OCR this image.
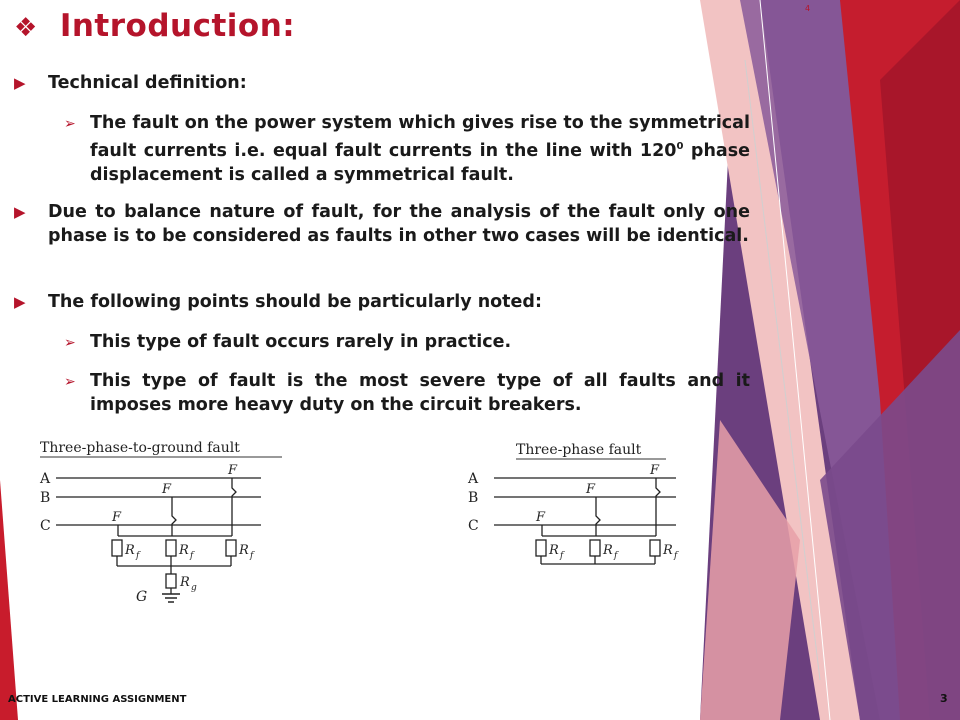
❖ Introduction:	4
▶ Technical definition:
➢ The fault on the power system which gives rise to the symmetrical fault currents i.e. equal fault currents in the line with $120^0$ phase displacement is called a symmetrical fault.
▶ Due to balance nature of fault, for the analysis of the fault only one phase is to be considered as faults in other two cases will be identical.
▶ The following points should be particularly noted:
➢ This type of fault occurs rarely in practice.
➢ This type of fault is the most severe type of all faults and it imposes more heavy duty on the circuit breakers.
Three-phase-to-ground fault
A
B
C
F
F
F
R f	R f	R f
R g
G
Three-phase fault
A
B
C
F
F
F
R f	R f	R f
ACTIVE LEARNING ASSIGNMENT	3
